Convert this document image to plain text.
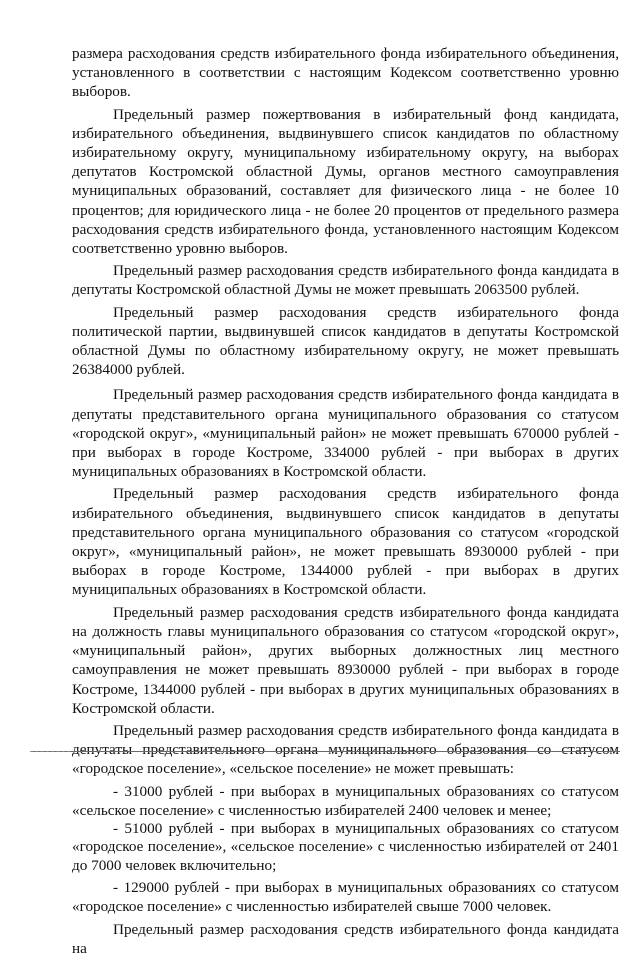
размера расходования средств избирательного фонда избирательного объединения, установленного в соответствии с настоящим Кодексом соответственно уровню выборов.

Предельный размер пожертвования в избирательный фонд кандидата, избирательного объединения, выдвинувшего список кандидатов по областному избирательному округу, муниципальному избирательному округу, на выборах депутатов Костромской областной Думы, органов местного самоуправления муниципальных образований, составляет для физического лица - не более 10 процентов; для юридического лица - не более 20 процентов от предельного размера расходования средств избирательного фонда, установленного настоящим Кодексом соответственно уровню выборов.

Предельный размер расходования средств избирательного фонда кандидата в депутаты Костромской областной Думы не может превышать 2063500 рублей.

Предельный размер расходования средств избирательного фонда политической партии, выдвинувшей список кандидатов в депутаты Костромской областной Думы по областному избирательному округу, не может превышать 26384000 рублей.

Предельный размер расходования средств избирательного фонда кандидата в депутаты представительного органа муниципального образования со статусом «городской округ», «муниципальный район» не может превышать 670000 рублей - при выборах в городе Костроме, 334000 рублей - при выборах в других муниципальных образованиях в Костромской области.

Предельный размер расходования средств избирательного фонда избирательного объединения, выдвинувшего список кандидатов в депутаты представительного органа муниципального образования со статусом «городской округ», «муниципальный район», не может превышать 8930000 рублей - при выборах в городе Костроме, 1344000 рублей - при выборах в других муниципальных образованиях в Костромской области.

Предельный размер расходования средств избирательного фонда кандидата на должность главы муниципального образования со статусом «городской округ», «муниципальный район», других выборных должностных лиц местного самоуправления не может превышать 8930000 рублей - при выборах в городе Костроме, 1344000 рублей - при выборах в других муниципальных образованиях в Костромской области.

Предельный размер расходования средств избирательного фонда кандидата в депутаты представительного органа муниципального образования со статусом «городское поселение», «сельское поселение» не может превышать:

- 31000 рублей - при выборах в муниципальных образованиях со статусом «сельское поселение» с численностью избирателей 2400 человек и менее;

- 51000 рублей - при выборах в муниципальных образованиях со статусом «городское поселение», «сельское поселение» с численностью избирателей от 2401 до 7000 человек включительно;

- 129000 рублей - при выборах в муниципальных образованиях со статусом «городское поселение» с численностью избирателей свыше 7000 человек.

Предельный размер расходования средств избирательного фонда кандидата на
